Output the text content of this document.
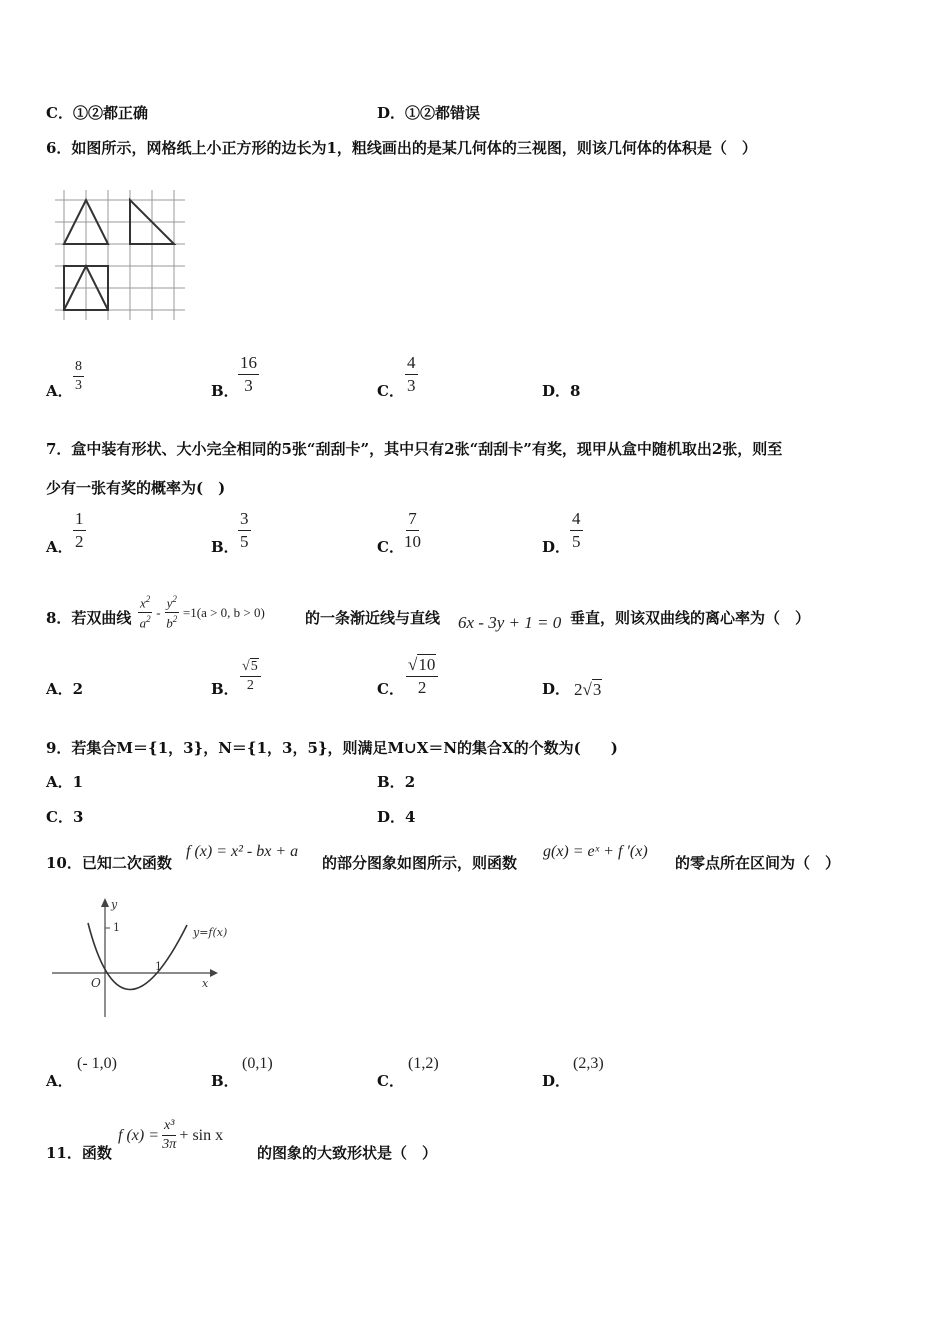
C．①②都正确	D．①②都错误
6．如图所示，网格纸上小正方形的边长为1，粗线画出的是某几何体的三视图，则该几何体的体积是（　）
A． $\frac{8}{3}$	B． $\frac{16}{3}$	C． $\frac{4}{3}$	D．8
7．盒中装有形状、大小完全相同的5张“刮刮卡”，其中只有2张“刮刮卡”有奖，现甲从盒中随机取出2张，则至
少有一张有奖的概率为(　)
A． $\frac{1}{2}$	B． $\frac{3}{5}$	C． $\frac{7}{10}$	D． $\frac{4}{5}$
8．若双曲线 $\frac{x^2}{a^2} - \frac{y^2}{b^2} =1(a > 0$, b > 0)	的一条渐近线与直线 6x - 3y + 1 = 0 垂直，则该双曲线的离心率为（　）
A．2	B． $\frac{√5}{2}$	C． $\frac{√10}{2}$	D． 2√3
9．若集合M＝{1，3}，N＝{1，3，5}，则满足M∪X＝N的集合X的个数为(　　)
A．1	B．2
C．3	D．4
10．已知二次函数
f (x) = x² - bx + a
的部分图象如图所示，则函数
g(x) = eˣ + f ′(x)
的零点所在区间为（　）
y
1
O
1
x
y=f(x)
A．
(- 1,0)
B．
(0,1)
C．
(1,2)
D．
(2,3)
11．函数
f $(x) = \frac{\text{x³}}{3\pi} + \sin x$
的图象的大致形状是（　）
